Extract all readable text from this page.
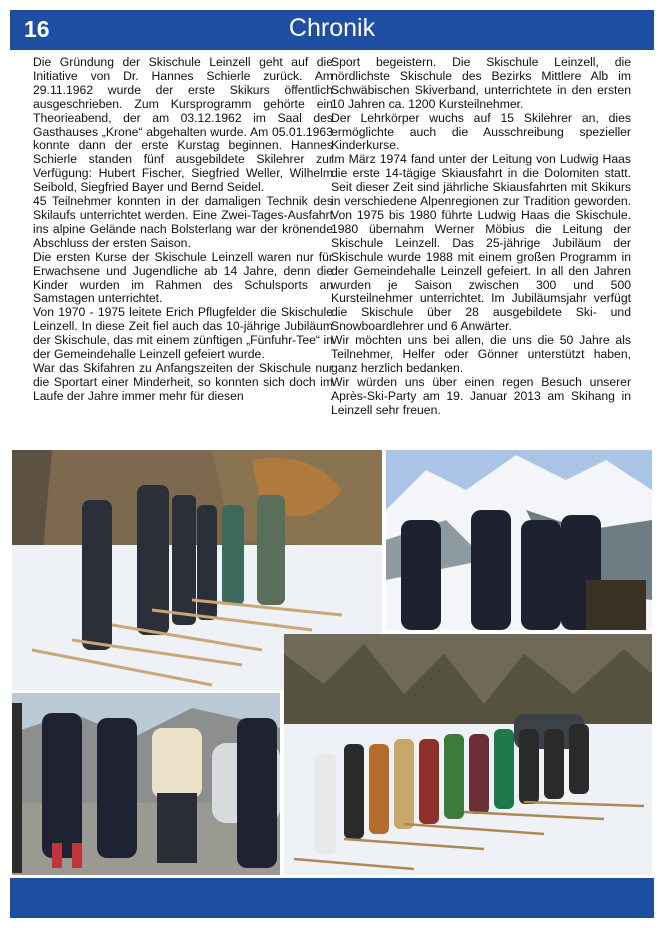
16	Chronik

Die Gründung der Skischule Leinzell geht auf die Initiative von Dr. Hannes Schierle zurück. Am 29.11.1962 wurde der erste Skikurs öffentlich ausgeschrieben. Zum Kursprogramm gehörte ein Theorieabend, der am 03.12.1962 im Saal des Gasthauses „Krone“ abgehalten wurde. Am 05.01.1963 konnte dann der erste Kurstag beginnen. Hannes Schierle standen fünf ausgebildete Skilehrer zur Verfügung: Hubert Fischer, Siegfried Weller, Wilhelm Seibold, Siegfried Bayer und Bernd Seidel.

45 Teilnehmer konnten in der damaligen Technik des Skilaufs unterrichtet werden. Eine Zwei-Tages-Ausfahrt ins alpine Gelände nach Bolsterlang war der krönende Abschluss der ersten Saison.

Die ersten Kurse der Skischule Leinzell waren nur für Erwachsene und Jugendliche ab 14 Jahre, denn die Kinder wurden im Rahmen des Schulsports an Samstagen unterrichtet.

Von 1970 - 1975 leitete Erich Pflugfelder die Skischule Leinzell. In diese Zeit fiel auch das 10-jährige Jubiläum der Skischule, das mit einem zünftigen „Fünfuhr-Tee“ in der Gemeindehalle Leinzell gefeiert wurde.

War das Skifahren zu Anfangszeiten der Skischule nur die Sportart einer Minderheit, so konnten sich doch im Laufe der Jahre immer mehr für diesen

Sport begeistern. Die Skischule Leinzell, die nördlichste Skischule des Bezirks Mittlere Alb im Schwäbischen Skiverband, unterrichtete in den ersten 10 Jahren ca. 1200 Kursteilnehmer.

Der Lehrkörper wuchs auf 15 Skilehrer an, dies ermöglichte auch die Ausschreibung spezieller Kinderkurse.

Im März 1974 fand unter der Leitung von Ludwig Haas die erste 14-tägige Skiausfahrt in die Dolomiten statt. Seit dieser Zeit sind jährliche Skiausfahrten mit Skikurs in verschiedene Alpenregionen zur Tradition geworden. Von 1975 bis 1980 führte Ludwig Haas die Skischule. 1980 übernahm Werner Möbius die Leitung der Skischule Leinzell. Das 25-jährige Jubiläum der Skischule wurde 1988 mit einem großen Programm in der Gemeindehalle Leinzell gefeiert. In all den Jahren wurden je Saison zwischen 300 und 500 Kursteilnehmer unterrichtet. Im Jubiläumsjahr verfügt die Skischule über 28 ausgebildete Ski- und Snowboardlehrer und 6 Anwärter.

Wir möchten uns bei allen, die uns die 50 Jahre als Teilnehmer, Helfer oder Gönner unterstützt haben, ganz herzlich bedanken.

Wir würden uns über einen regen Besuch unserer Après-Ski-Party am 19. Januar 2013 am Skihang in Leinzell sehr freuen.
